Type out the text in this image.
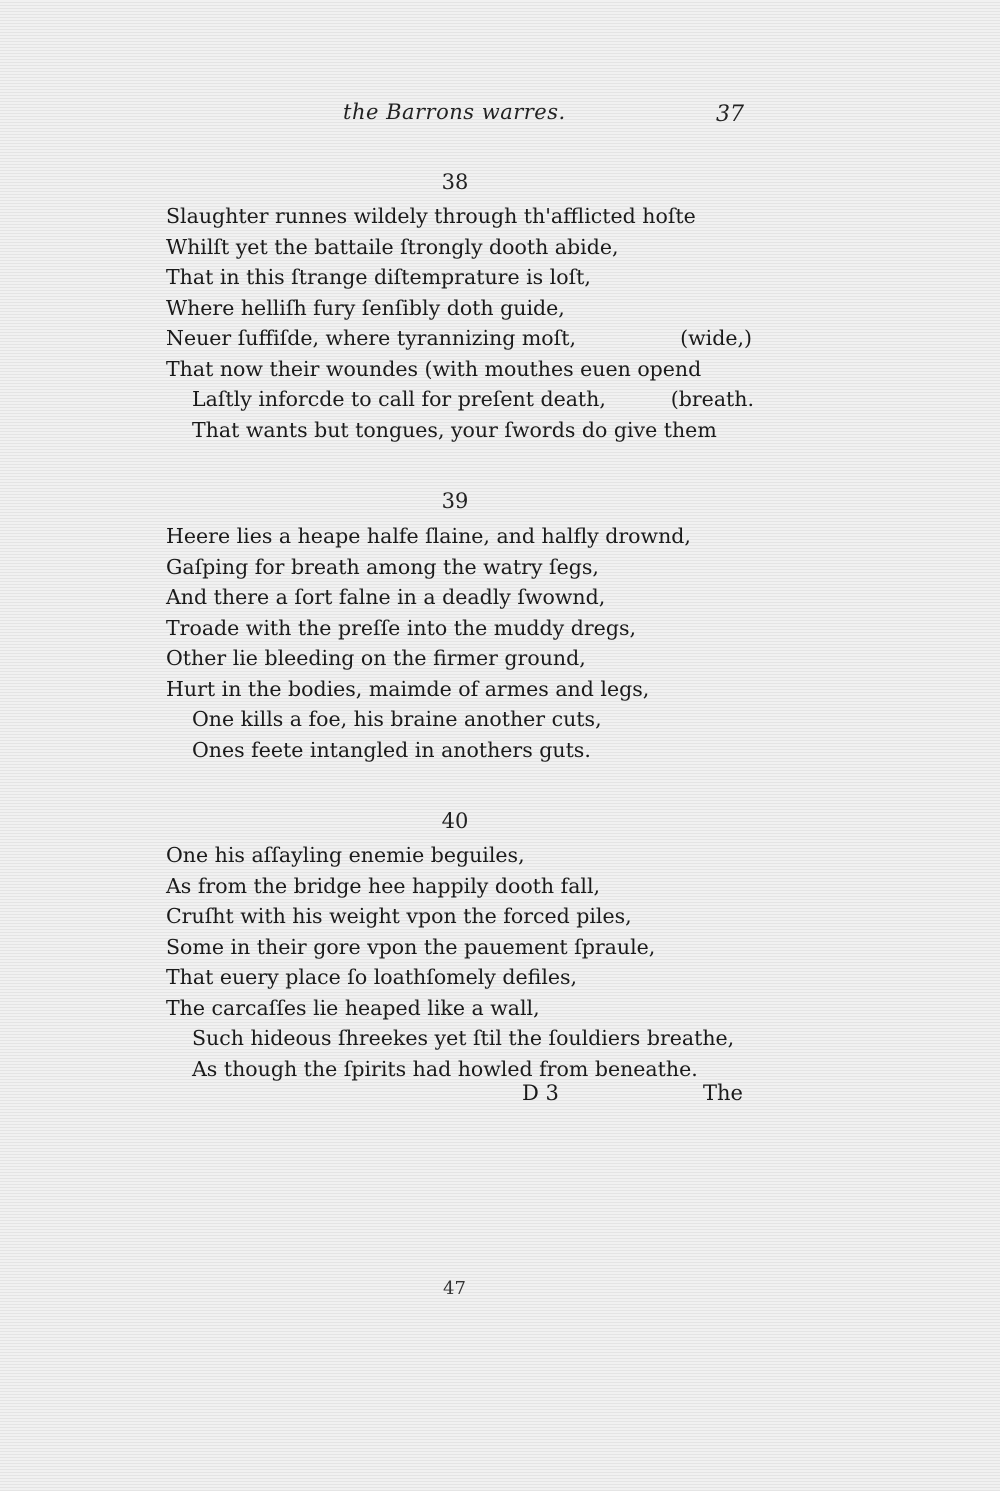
the Barrons warres.	37
38
Slaughter runnes wildely through th'afflicted hoſte
Whilſt yet the battaile ſtrongly dooth abide,
That in this ſtrange diſtemprature is loſt,
Where helliſh fury ſenſibly doth guide,
Neuer ſuffiſde, where tyrannizing moſt,	(wide,)
That now their woundes (with mouthes euen opend
Laſtly inforcde to call for preſent death,	(breath.
That wants but tongues, your ſwords do give them
39
Heere lies a heape halfe ſlaine, and halfly drownd,
Gaſping for breath among the watry ſegs,
And there a ſort falne in a deadly ſwownd,
Troade with the preſſe into the muddy dregs,
Other lie bleeding on the firmer ground,
Hurt in the bodies, maimde of armes and legs,
One kills a foe, his braine another cuts,
Ones feete intangled in anothers guts.
40
One his aſſayling enemie beguiles,
As from the bridge hee happily dooth fall,
Cruſht with his weight vpon the forced piles,
Some in their gore vpon the pauement ſpraule,
That euery place ſo loathſomely defiles,
The carcaſſes lie heaped like a wall,
Such hideous ſhreekes yet ſtil the ſouldiers breathe,
As though the ſpirits had howled from beneathe.
D 3	The
47
